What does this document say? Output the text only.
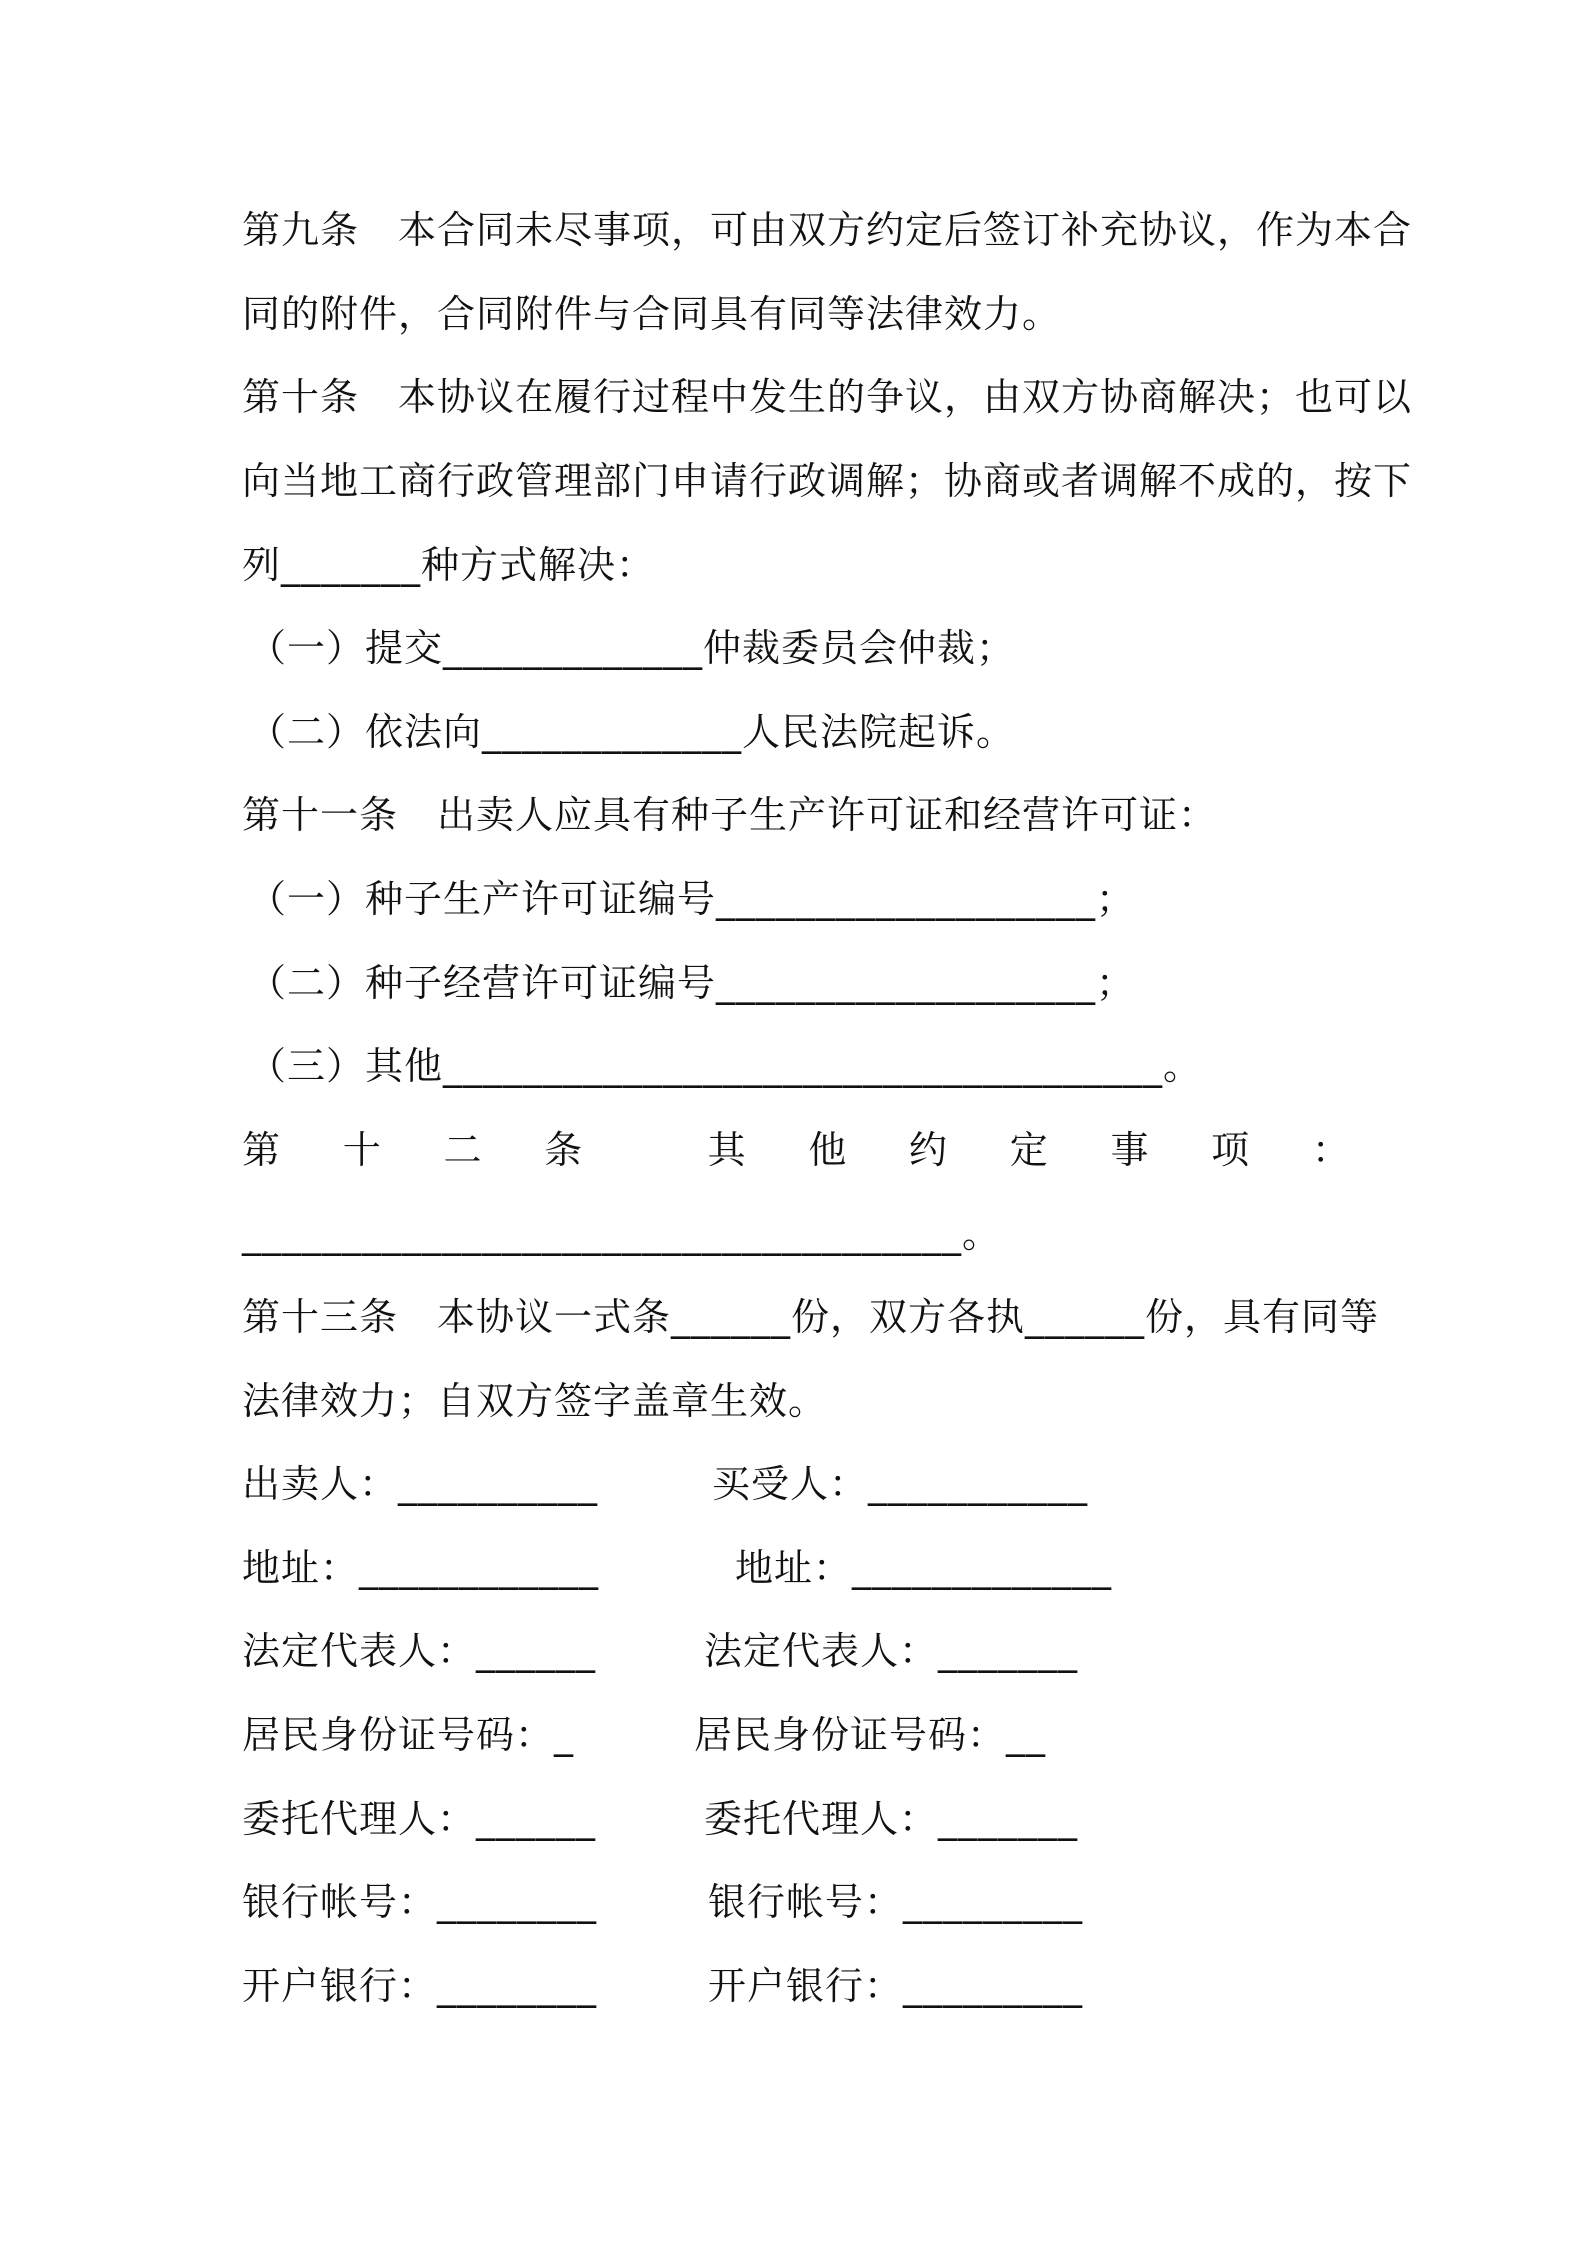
第九条　本合同未尽事项，可由双方约定后签订补充协议，作为本合
同的附件，合同附件与合同具有同等法律效力。
第十条　本协议在履行过程中发生的争议，由双方协商解决；也可以
向当地工商行政管理部门申请行政调解；协商或者调解不成的，按下
列_______种方式解决：
（一）提交_____________仲裁委员会仲裁；
（二）依法向_____________人民法院起诉。
第十一条　出卖人应具有种子生产许可证和经营许可证：
（一）种子生产许可证编号___________________；
（二）种子经营许可证编号___________________；
（三）其他____________________________________。
第 十 二 条	其 他 约 定 事 项 ：
____________________________________。
第十三条　本协议一式条______份，双方各执______份，具有同等
法律效力；自双方签字盖章生效。
出卖人：__________
地址：____________
法定代表人：______
居民身份证号码：_
委托代理人：______
银行帐号：________
开户银行：________
买受人：___________
地址：_____________
法定代表人：_______
居民身份证号码：__
委托代理人：_______
银行帐号：_________
开户银行：_________
